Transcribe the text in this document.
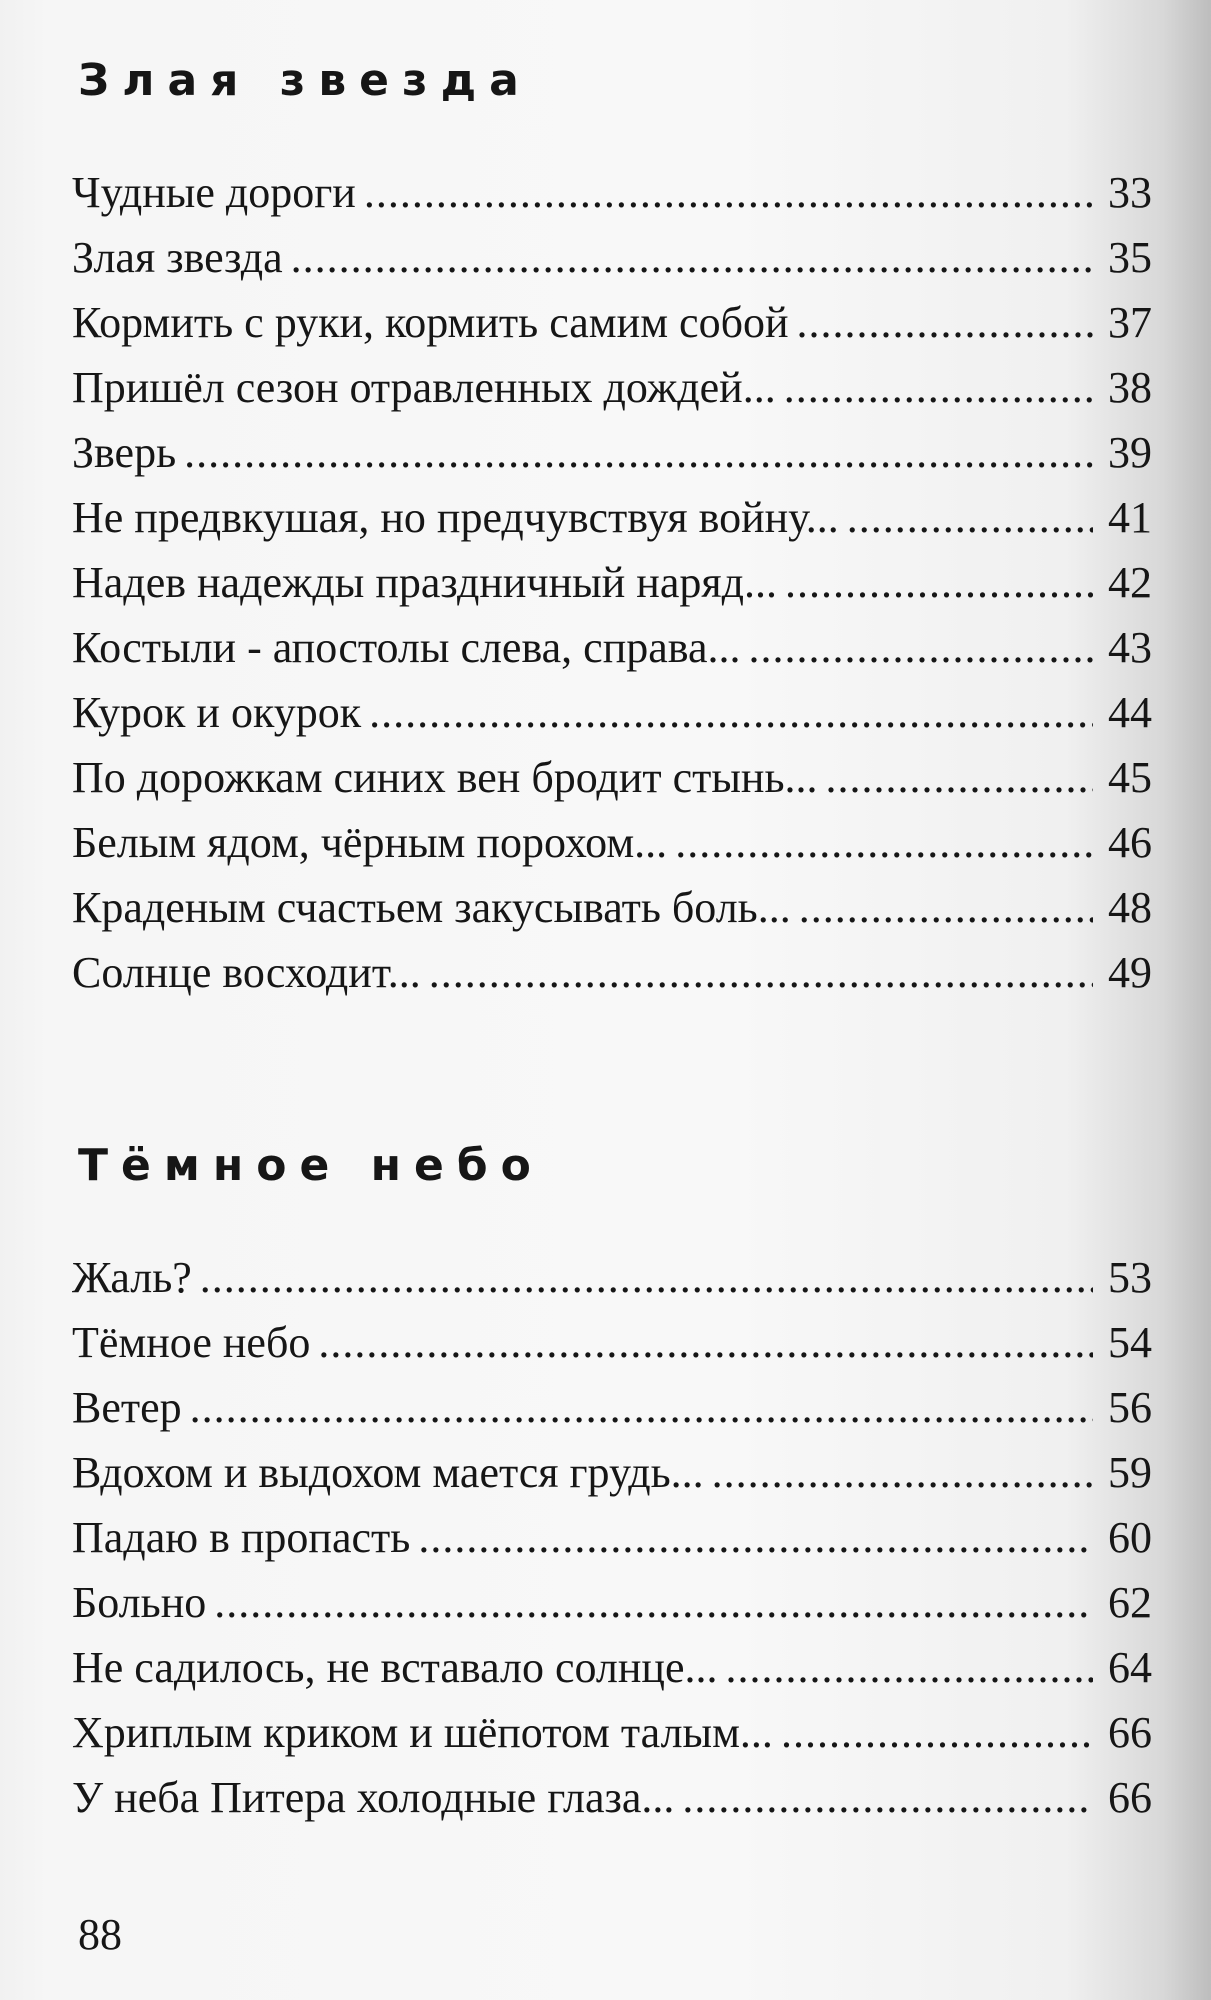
Злая звезда
Чудные дороги .....	33
Злая звезда .....	35
Кормить с руки, кормить самим собой .....	37
Пришёл сезон отравленных дождей... .....	38
Зверь .....	39
Не предвкушая, но предчувствуя войну... .....	41
Надев надежды праздничный наряд... .....	42
Костыли - апостолы слева, справа... .....	43
Курок и окурок .....	44
По дорожкам синих вен бродит стынь... .....	45
Белым ядом, чёрным порохом... .....	46
Краденым счастьем закусывать боль... .....	48
Солнце восходит... .....	49
Тёмное небо
Жаль? .....	53
Тёмное небо .....	54
Ветер .....	56
Вдохом и выдохом мается грудь... .....	59
Падаю в пропасть .....	60
Больно .....	62
Не садилось, не вставало солнце... .....	64
Хриплым криком и шёпотом талым... .....	66
У неба Питера холодные глаза... .....	66

88
